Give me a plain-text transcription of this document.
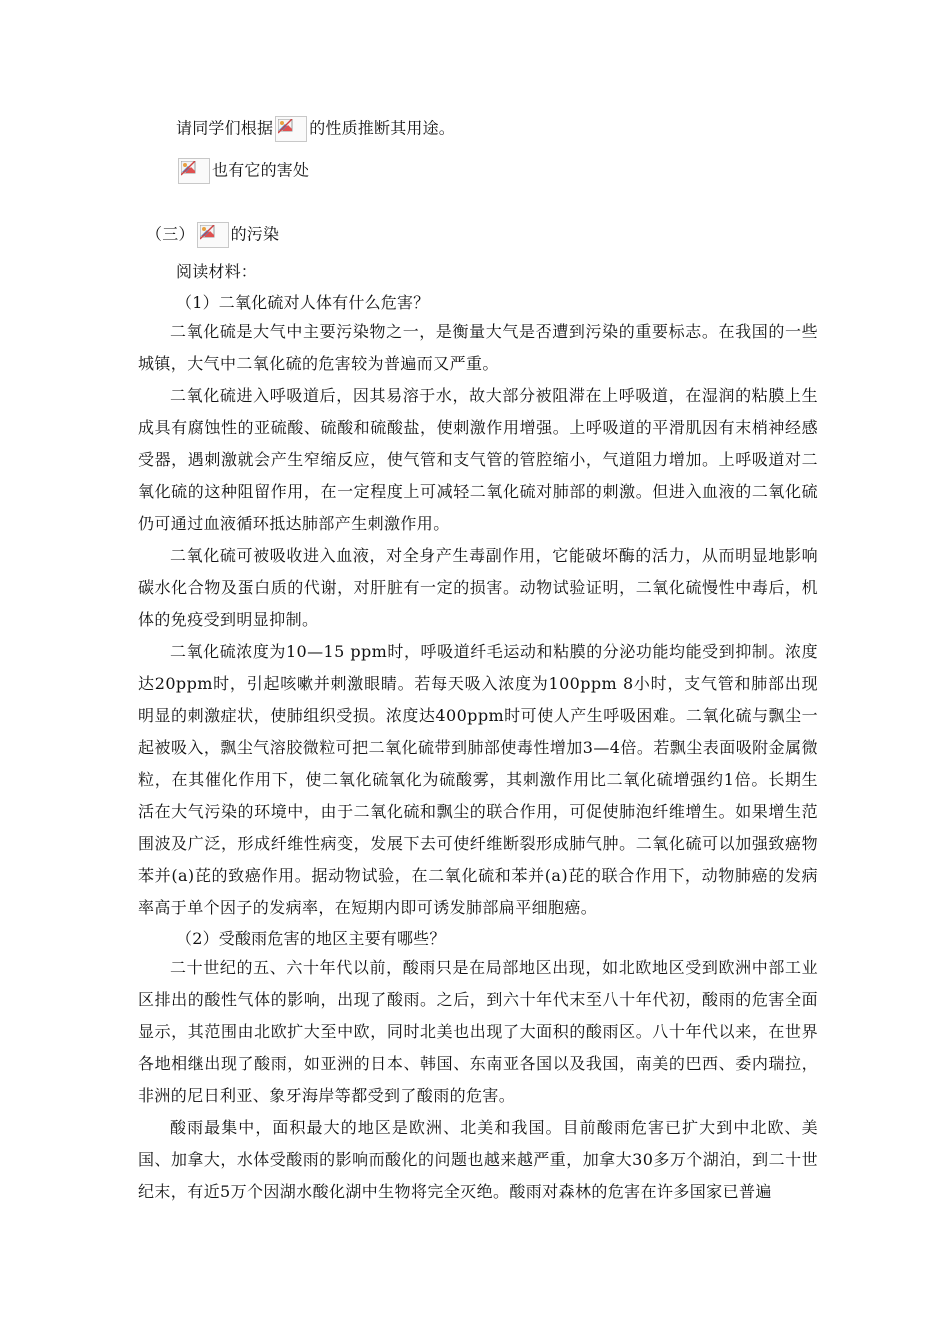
请同学们根据 的性质推断其用途。
也有它的害处
（三） 的污染
阅读材料：
（1）二氧化硫对人体有什么危害？

二氧化硫是大气中主要污染物之一，是衡量大气是否遭到污染的重要标志。在我国的一些城镇，大气中二氧化硫的危害较为普遍而又严重。

二氧化硫进入呼吸道后，因其易溶于水，故大部分被阻滞在上呼吸道，在湿润的粘膜上生成具有腐蚀性的亚硫酸、硫酸和硫酸盐，使刺激作用增强。上呼吸道的平滑肌因有末梢神经感受器，遇刺激就会产生窄缩反应，使气管和支气管的管腔缩小，气道阻力增加。上呼吸道对二氧化硫的这种阻留作用，在一定程度上可减轻二氧化硫对肺部的刺激。但进入血液的二氧化硫仍可通过血液循环抵达肺部产生刺激作用。

二氧化硫可被吸收进入血液，对全身产生毒副作用，它能破坏酶的活力，从而明显地影响碳水化合物及蛋白质的代谢，对肝脏有一定的损害。动物试验证明，二氧化硫慢性中毒后，机体的免疫受到明显抑制。

二氧化硫浓度为10—15 ppm时，呼吸道纤毛运动和粘膜的分泌功能均能受到抑制。浓度达20ppm时，引起咳嗽并刺激眼睛。若每天吸入浓度为100ppm 8小时，支气管和肺部出现明显的刺激症状，使肺组织受损。浓度达400ppm时可使人产生呼吸困难。二氧化硫与飘尘一起被吸入，飘尘气溶胶微粒可把二氧化硫带到肺部使毒性增加3—4倍。若飘尘表面吸附金属微粒，在其催化作用下，使二氧化硫氧化为硫酸雾，其刺激作用比二氧化硫增强约1倍。长期生活在大气污染的环境中，由于二氧化硫和飘尘的联合作用，可促使肺泡纤维增生。如果增生范围波及广泛，形成纤维性病变，发展下去可使纤维断裂形成肺气肿。二氧化硫可以加强致癌物苯并(a)芘的致癌作用。据动物试验，在二氧化硫和苯并(a)芘的联合作用下，动物肺癌的发病率高于单个因子的发病率，在短期内即可诱发肺部扁平细胞癌。

（2）受酸雨危害的地区主要有哪些？

二十世纪的五、六十年代以前，酸雨只是在局部地区出现，如北欧地区受到欧洲中部工业区排出的酸性气体的影响，出现了酸雨。之后，到六十年代末至八十年代初，酸雨的危害全面显示，其范围由北欧扩大至中欧，同时北美也出现了大面积的酸雨区。八十年代以来，在世界各地相继出现了酸雨，如亚洲的日本、韩国、东南亚各国以及我国，南美的巴西、委内瑞拉，非洲的尼日利亚、象牙海岸等都受到了酸雨的危害。

酸雨最集中，面积最大的地区是欧洲、北美和我国。目前酸雨危害已扩大到中北欧、美国、加拿大，水体受酸雨的影响而酸化的问题也越来越严重，加拿大30多万个湖泊，到二十世纪末，有近5万个因湖水酸化湖中生物将完全灭绝。酸雨对森林的危害在许多国家已普遍
